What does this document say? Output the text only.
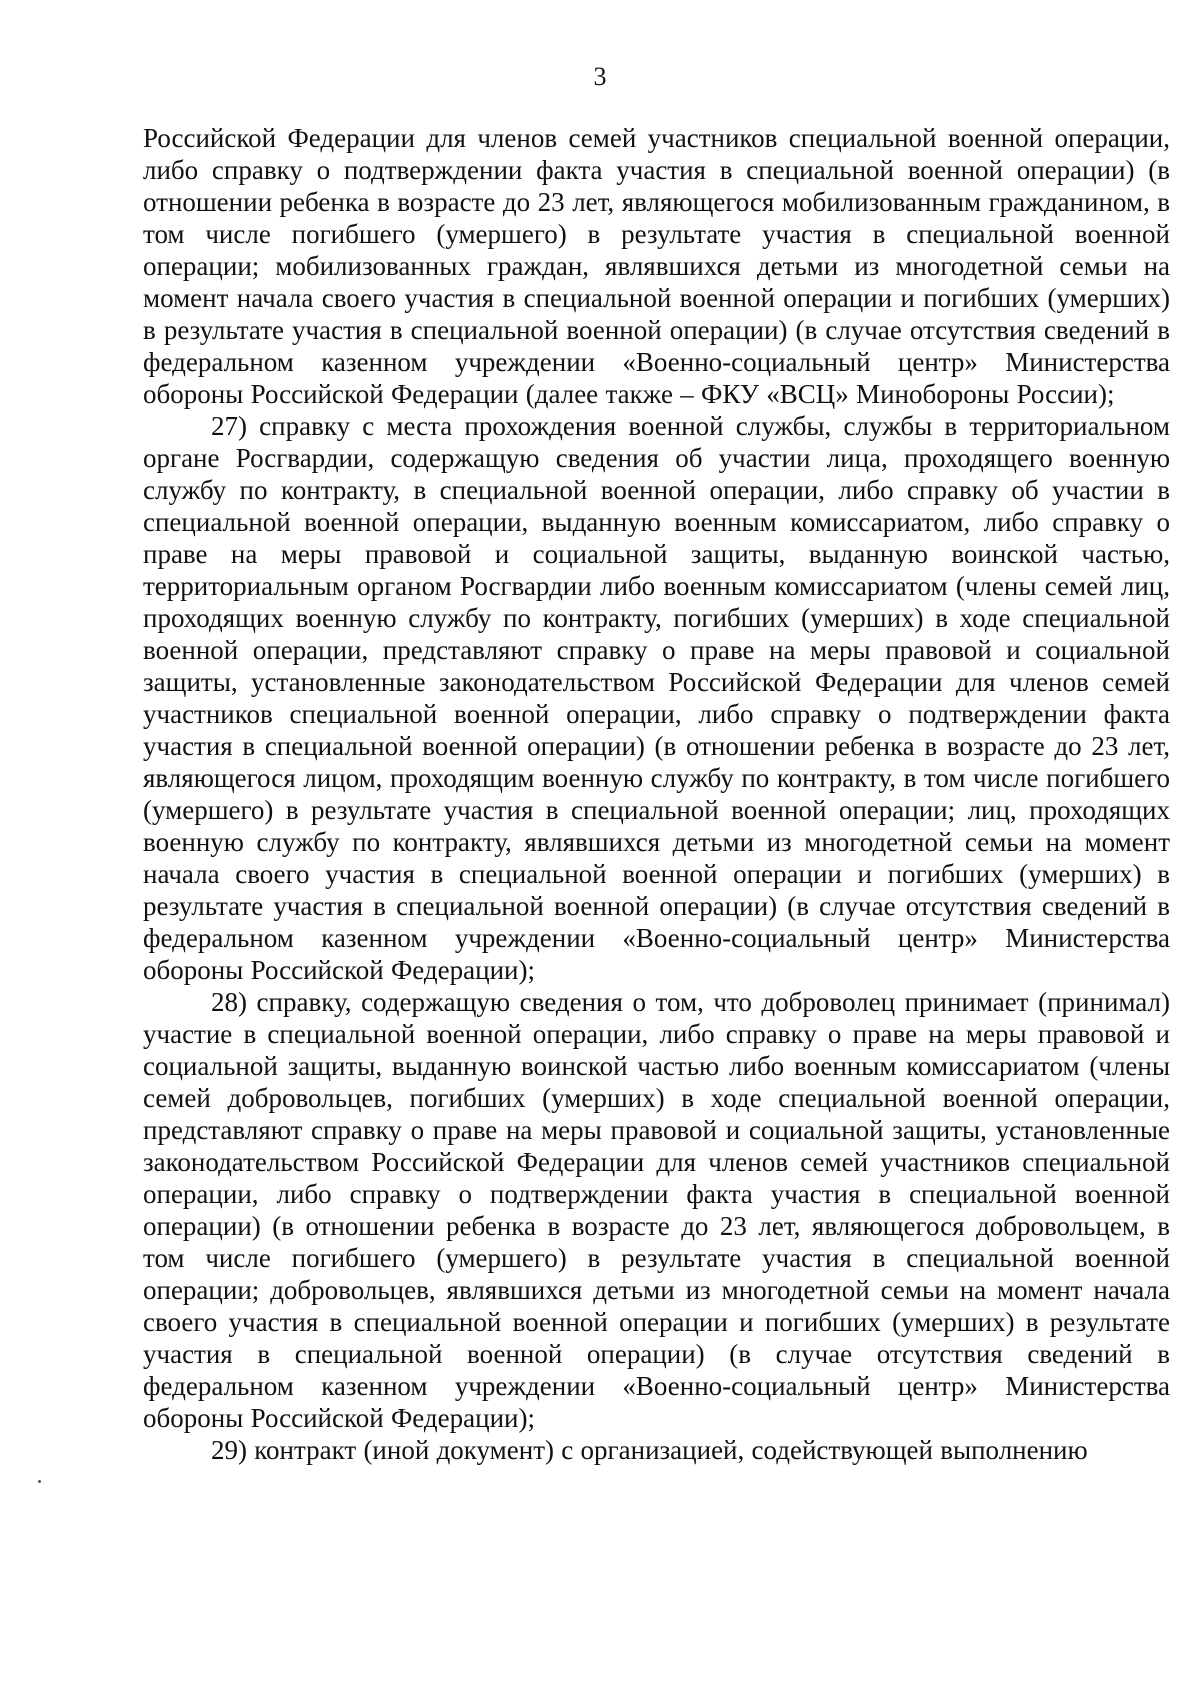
3

Российской Федерации для членов семей участников специальной военной операции, либо справку о подтверждении факта участия в специальной военной операции) (в отношении ребенка в возрасте до 23 лет, являющегося мобилизованным гражданином, в том числе погибшего (умершего) в результате участия в специальной военной операции; мобилизованных граждан, являвшихся детьми из многодетной семьи на момент начала своего участия в специальной военной операции и погибших (умерших) в результате участия в специальной военной операции) (в случае отсутствия сведений в федеральном казенном учреждении «Военно-социальный центр» Министерства обороны Российской Федерации (далее также – ФКУ «ВСЦ» Минобороны России);

27) справку с места прохождения военной службы, службы в территориальном органе Росгвардии, содержащую сведения об участии лица, проходящего военную службу по контракту, в специальной военной операции, либо справку об участии в специальной военной операции, выданную военным комиссариатом, либо справку о праве на меры правовой и социальной защиты, выданную воинской частью, территориальным органом Росгвардии либо военным комиссариатом (члены семей лиц, проходящих военную службу по контракту, погибших (умерших) в ходе специальной военной операции, представляют справку о праве на меры правовой и социальной защиты, установленные законодательством Российской Федерации для членов семей участников специальной военной операции, либо справку о подтверждении факта участия в специальной военной операции) (в отношении ребенка в возрасте до 23 лет, являющегося лицом, проходящим военную службу по контракту, в том числе погибшего (умершего) в результате участия в специальной военной операции; лиц, проходящих военную службу по контракту, являвшихся детьми из многодетной семьи на момент начала своего участия в специальной военной операции и погибших (умерших) в результате участия в специальной военной операции) (в случае отсутствия сведений в федеральном казенном учреждении «Военно-социальный центр» Министерства обороны Российской Федерации);

28) справку, содержащую сведения о том, что доброволец принимает (принимал) участие в специальной военной операции, либо справку о праве на меры правовой и социальной защиты, выданную воинской частью либо военным комиссариатом (члены семей добровольцев, погибших (умерших) в ходе специальной военной операции, представляют справку о праве на меры правовой и социальной защиты, установленные законодательством Российской Федерации для членов семей участников специальной операции, либо справку о подтверждении факта участия в специальной военной операции) (в отношении ребенка в возрасте до 23 лет, являющегося добровольцем, в том числе погибшего (умершего) в результате участия в специальной военной операции; добровольцев, являвшихся детьми из многодетной семьи на момент начала своего участия в специальной военной операции и погибших (умерших) в результате участия в специальной военной операции) (в случае отсутствия сведений в федеральном казенном учреждении «Военно-социальный центр» Министерства обороны Российской Федерации);

29) контракт (иной документ) с организацией, содействующей выполнению
